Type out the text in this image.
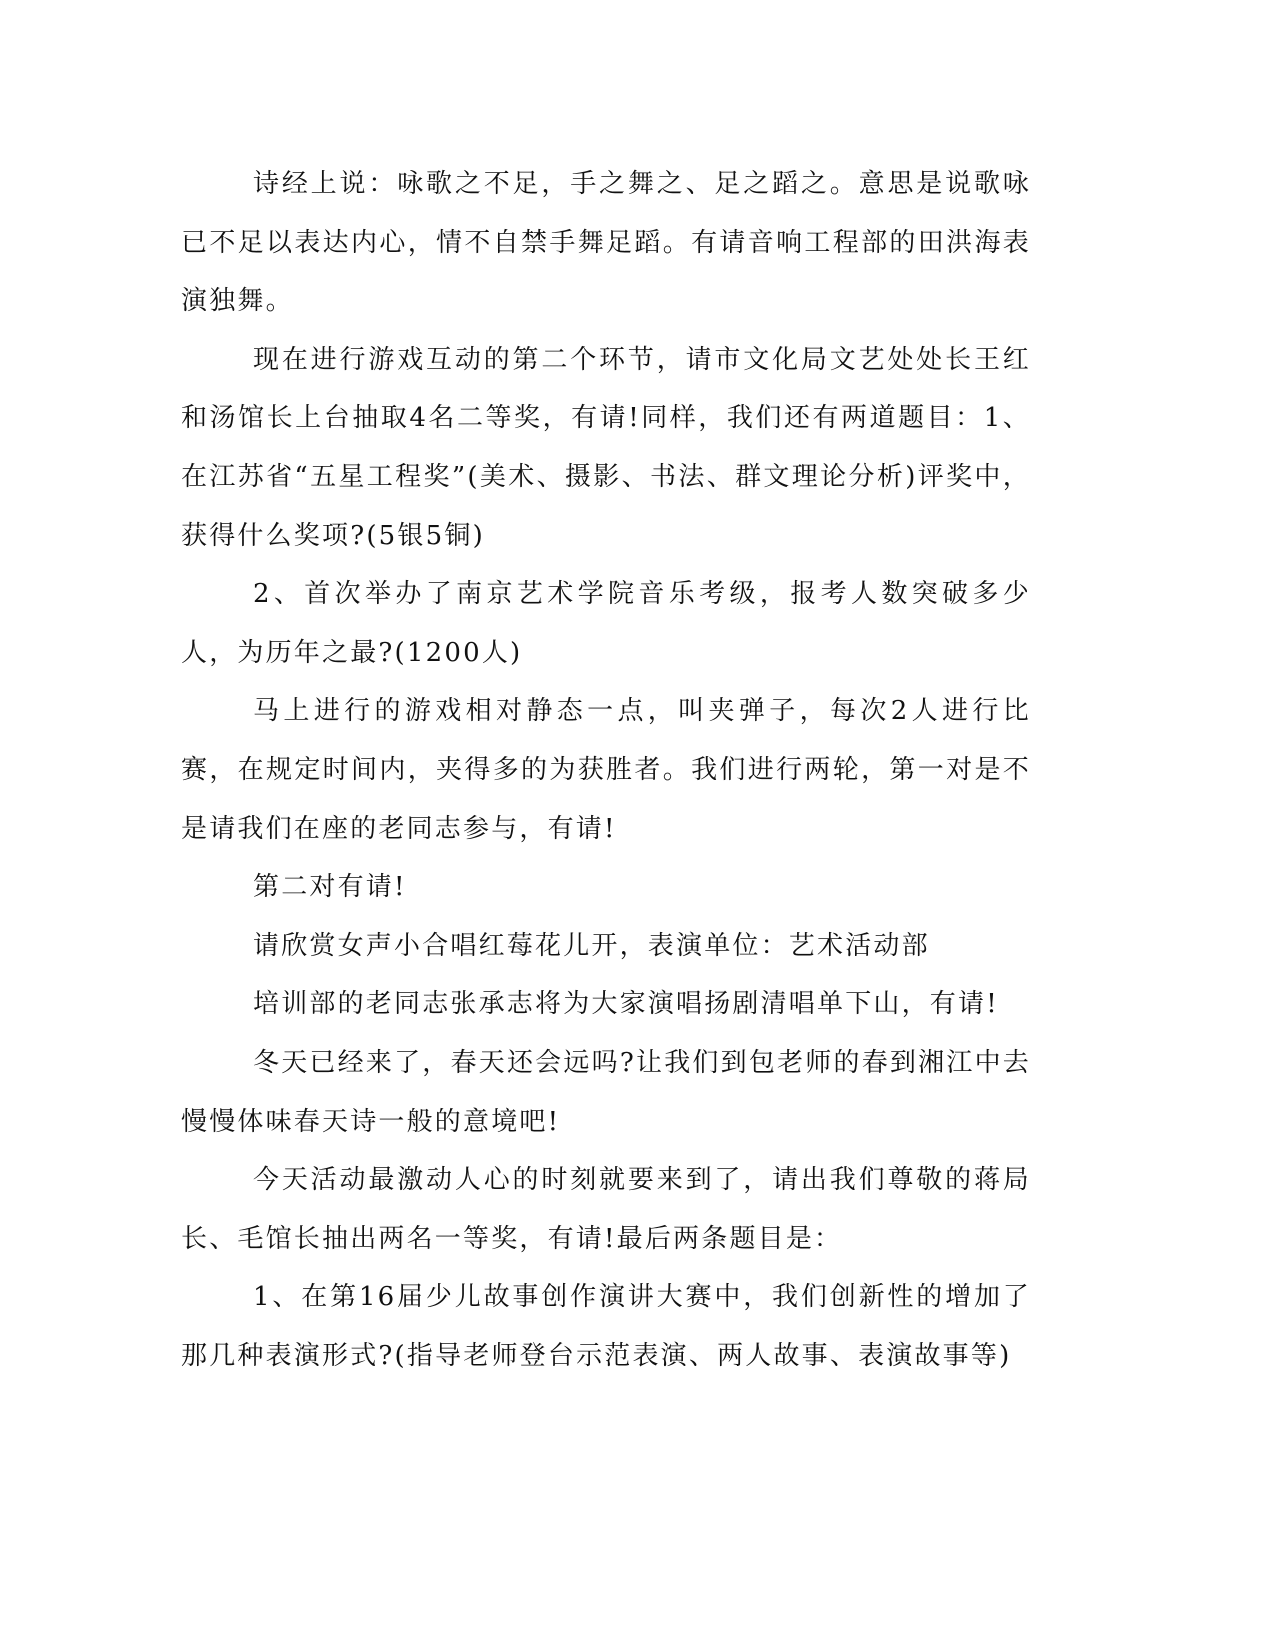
诗经上说：咏歌之不足，手之舞之、足之蹈之。意思是说歌咏已不足以表达内心，情不自禁手舞足蹈。有请音响工程部的田洪海表演独舞。

现在进行游戏互动的第二个环节，请市文化局文艺处处长王红和汤馆长上台抽取4名二等奖，有请!同样，我们还有两道题目：1、在江苏省“五星工程奖”(美术、摄影、书法、群文理论分析)评奖中，获得什么奖项?(5银5铜)

2、首次举办了南京艺术学院音乐考级，报考人数突破多少人，为历年之最?(1200人)

马上进行的游戏相对静态一点，叫夹弹子，每次2人进行比赛，在规定时间内，夹得多的为获胜者。我们进行两轮，第一对是不是请我们在座的老同志参与，有请!

第二对有请!

请欣赏女声小合唱红莓花儿开，表演单位：艺术活动部

培训部的老同志张承志将为大家演唱扬剧清唱单下山，有请!

冬天已经来了，春天还会远吗?让我们到包老师的春到湘江中去慢慢体味春天诗一般的意境吧!

今天活动最激动人心的时刻就要来到了，请出我们尊敬的蒋局长、毛馆长抽出两名一等奖，有请!最后两条题目是：

1、在第16届少儿故事创作演讲大赛中，我们创新性的增加了那几种表演形式?(指导老师登台示范表演、两人故事、表演故事等)
